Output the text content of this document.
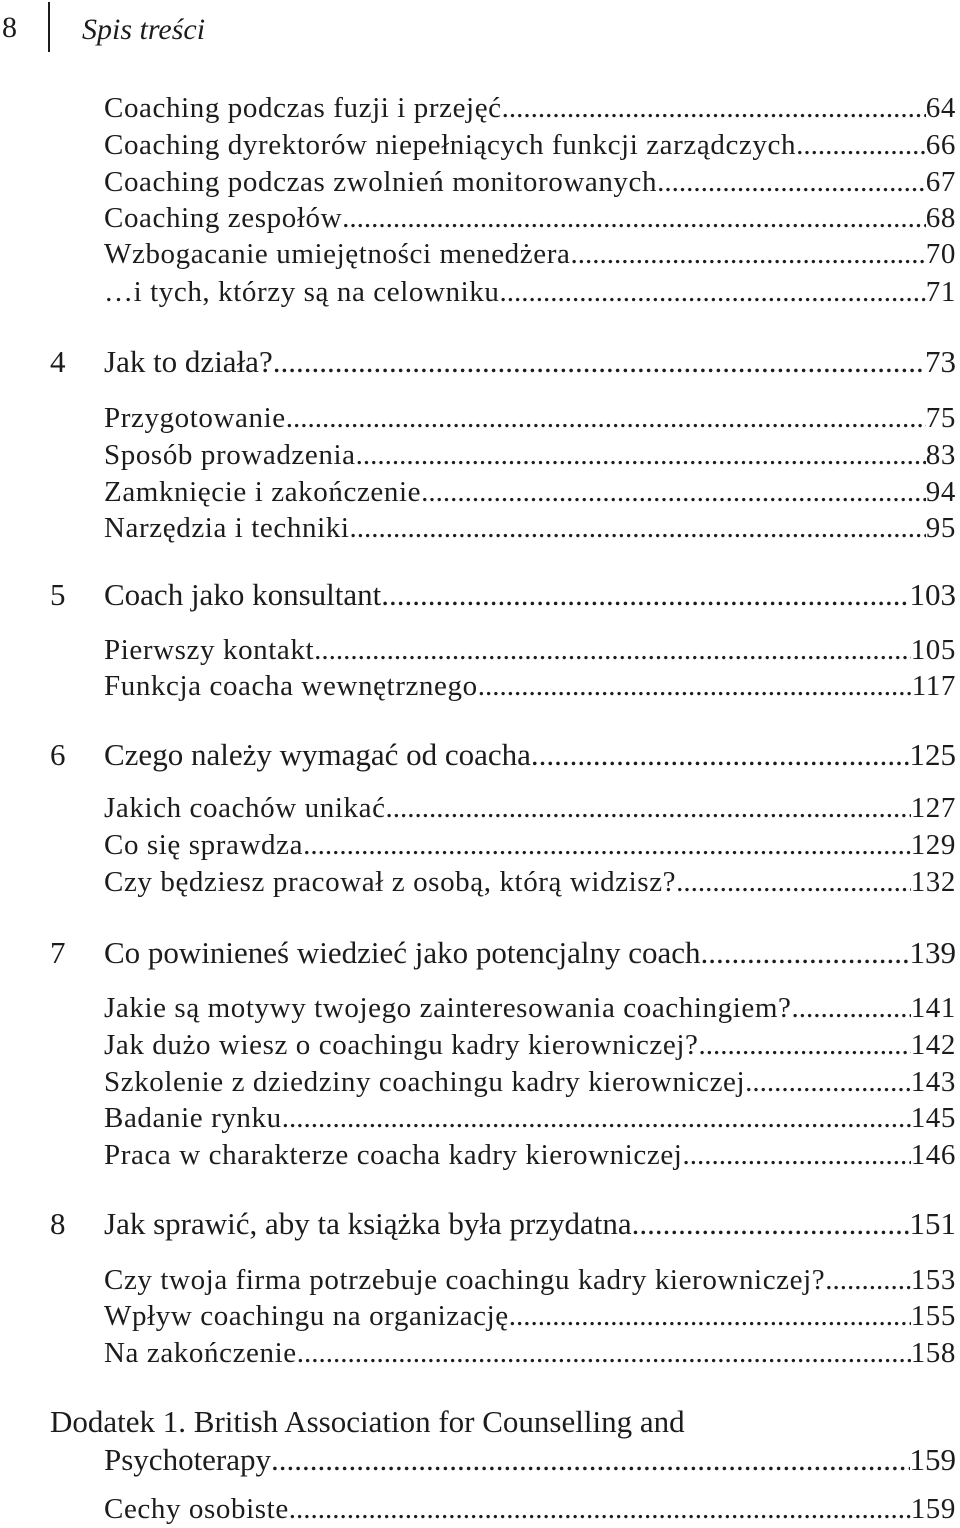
8 Spis treści
Coaching podczas fuzji i przejęć .....	64
Coaching dyrektorów niepełniących funkcji zarządczych .....	66
Coaching podczas zwolnień monitorowanych .....	67
Coaching zespołów .....	68
Wzbogacanie umiejętności menedżera .....	70
…i tych, którzy są na celowniku .....	71
4 Jak to działa? .....	73
Przygotowanie .....	75
Sposób prowadzenia .....	83
Zamknięcie i zakończenie .....	94
Narzędzia i techniki .....	95
5 Coach jako konsultant .....	103
Pierwszy kontakt .....	105
Funkcja coacha wewnętrznego .....	117
6 Czego należy wymagać od coacha .....	125
Jakich coachów unikać .....	127
Co się sprawdza .....	129
Czy będziesz pracował z osobą, którą widzisz? .....	132
7 Co powinieneś wiedzieć jako potencjalny coach .....	139
Jakie są motywy twojego zainteresowania coachingiem? .....	141
Jak dużo wiesz o coachingu kadry kierowniczej? .....	142
Szkolenie z dziedziny coachingu kadry kierowniczej .....	143
Badanie rynku .....	145
Praca w charakterze coacha kadry kierowniczej .....	146
8 Jak sprawić, aby ta książka była przydatna .....	151
Czy twoja firma potrzebuje coachingu kadry kierowniczej? .....	153
Wpływ coachingu na organizację .....	155
Na zakończenie .....	158
Dodatek 1. British Association for Counselling and
Psychoterapy .....	159
Cechy osobiste .....	159
